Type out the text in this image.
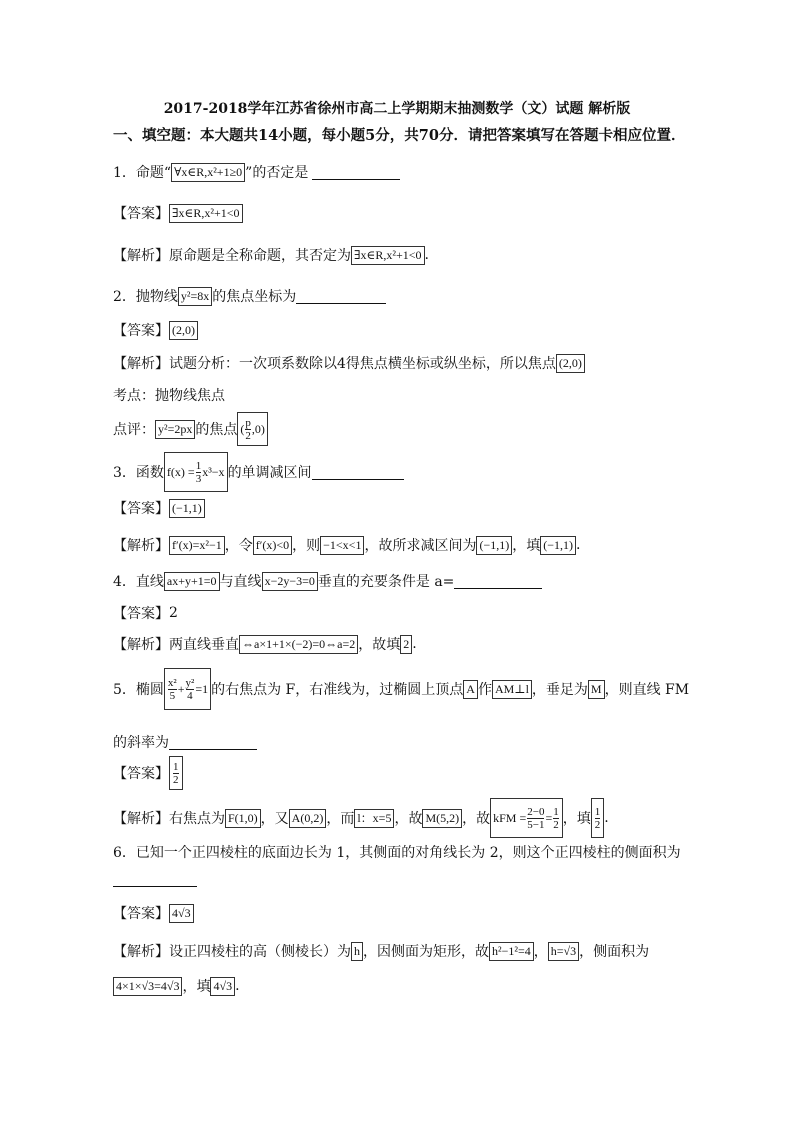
2017-2018学年江苏省徐州市高二上学期期末抽测数学（文）试题 解析版
一、填空题：本大题共14小题，每小题5分，共70分．请把答案填写在答题卡相应位置．
1．命题“ ∀x∈R,x²+1≥0 ”的否定是
【答案】 ∃x∈R,x²+1<0
【解析】 原命题是全称命题，其否定为 ∃x∈R,x²+1<0 .
2．抛物线 y²=8x 的焦点坐标为
【答案】 (2,0)
【解析】 试题分析：一次项系数除以4得焦点横坐标或纵坐标，所以焦点 (2,0)
考点：抛物线焦点
点评： y²=2px 的焦点 ( $\frac{p}{2} ,0$)
3．函数 $f(x) = \frac{1}{3} x^3-x$ 的单调减区间
【答案】 (−1,1)
【解析】 f′(x)=x²−1 ，令 f′(x)<0 ，则 −1<x<1 ，故所求减区间为 (−1,1) ，填 (−1,1) .
4．直线 ax+y+1=0 与直线 x−2y−3=0 垂直的充要条件是 a=
【答案】 2
【解析】 两直线垂直 ⇔a×1+1×(−2)=0⇔a=2 ，故填 2 .
5．椭圆 $\frac{\text{x²}}{5} + \frac{\text{y²}}{4} =1$ 的右焦点为 F，右准线为，过椭圆上顶点 A 作 AM⊥l ，垂足为 M ，则直线 FM
的斜率为
【答案】 $\frac{1}{2}$
【解析】 右焦点为 F(1,0) ，又 A(0,2) ，而 l：x=5 ，故 M(5,2) ，故 kFM = $\frac{2-0}{5-1} = \frac{1}{2}$ ，填 $\frac{1}{2}$ .
6．已知一个正四棱柱的底面边长为 1，其侧面的对角线长为 2，则这个正四棱柱的侧面积为
【答案】 4√3
【解析】 设正四棱柱的高（侧棱长）为 h ，因侧面为矩形，故 h²−1²=4 ， h=√3 ，侧面积为
4×1×√3=4√3 ，填 4√3 .
